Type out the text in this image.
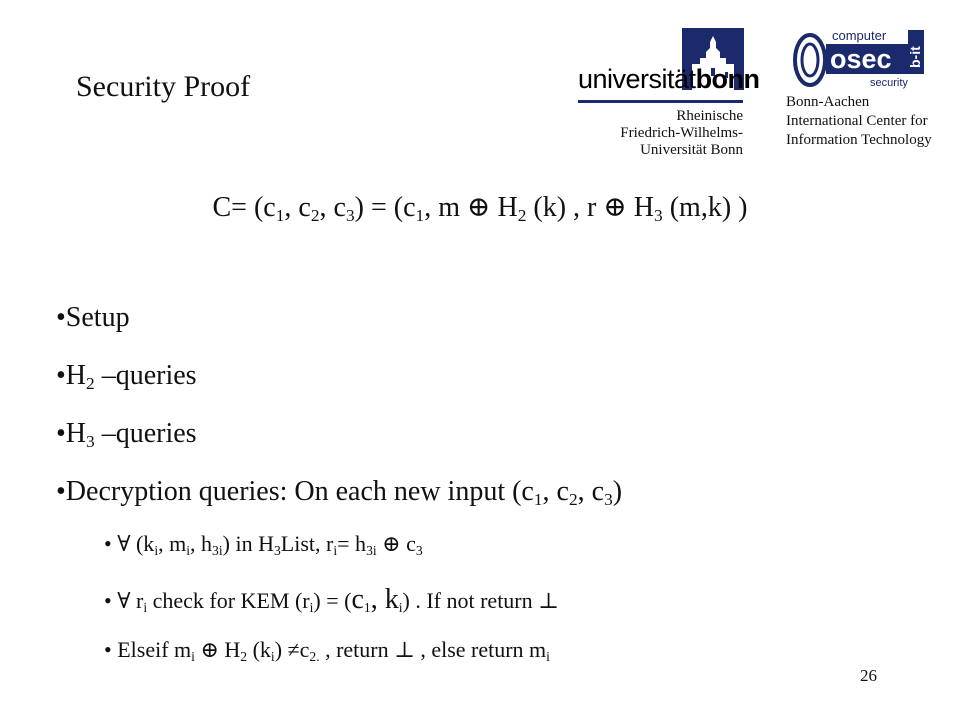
Security Proof	universitätbonn
Rheinische
Friedrich-Wilhelms-
Universität Bonn
computer
osec b-it
security
Bonn-Aachen
International Center for
Information Technology
$C= (c_1$, $c_2$, $c_3) = (c_1$, m ⊕ $H_2$ (k) , r ⊕ $H_3$ (m,k) )
•Setup
$•H_2$ –queries
$•H_3$ –queries
•Decryption queries: On each new input ($c_1$, $c_2$, $c_3$)
• ∀ ($k_i$, $m_i$, $h_{3i}$) in $H_3List$, $r_i= h_{3i}$ ⊕ $c_3$
• ∀ $r_i$ check for KEM $(r_i) = (c_1$, $k_i$) . If not return ⊥
• Elseif $m_i$ ⊕ $H_2$ $(k_i) \ne c_{2.}$ , return ⊥ , else return $m_i$
26
